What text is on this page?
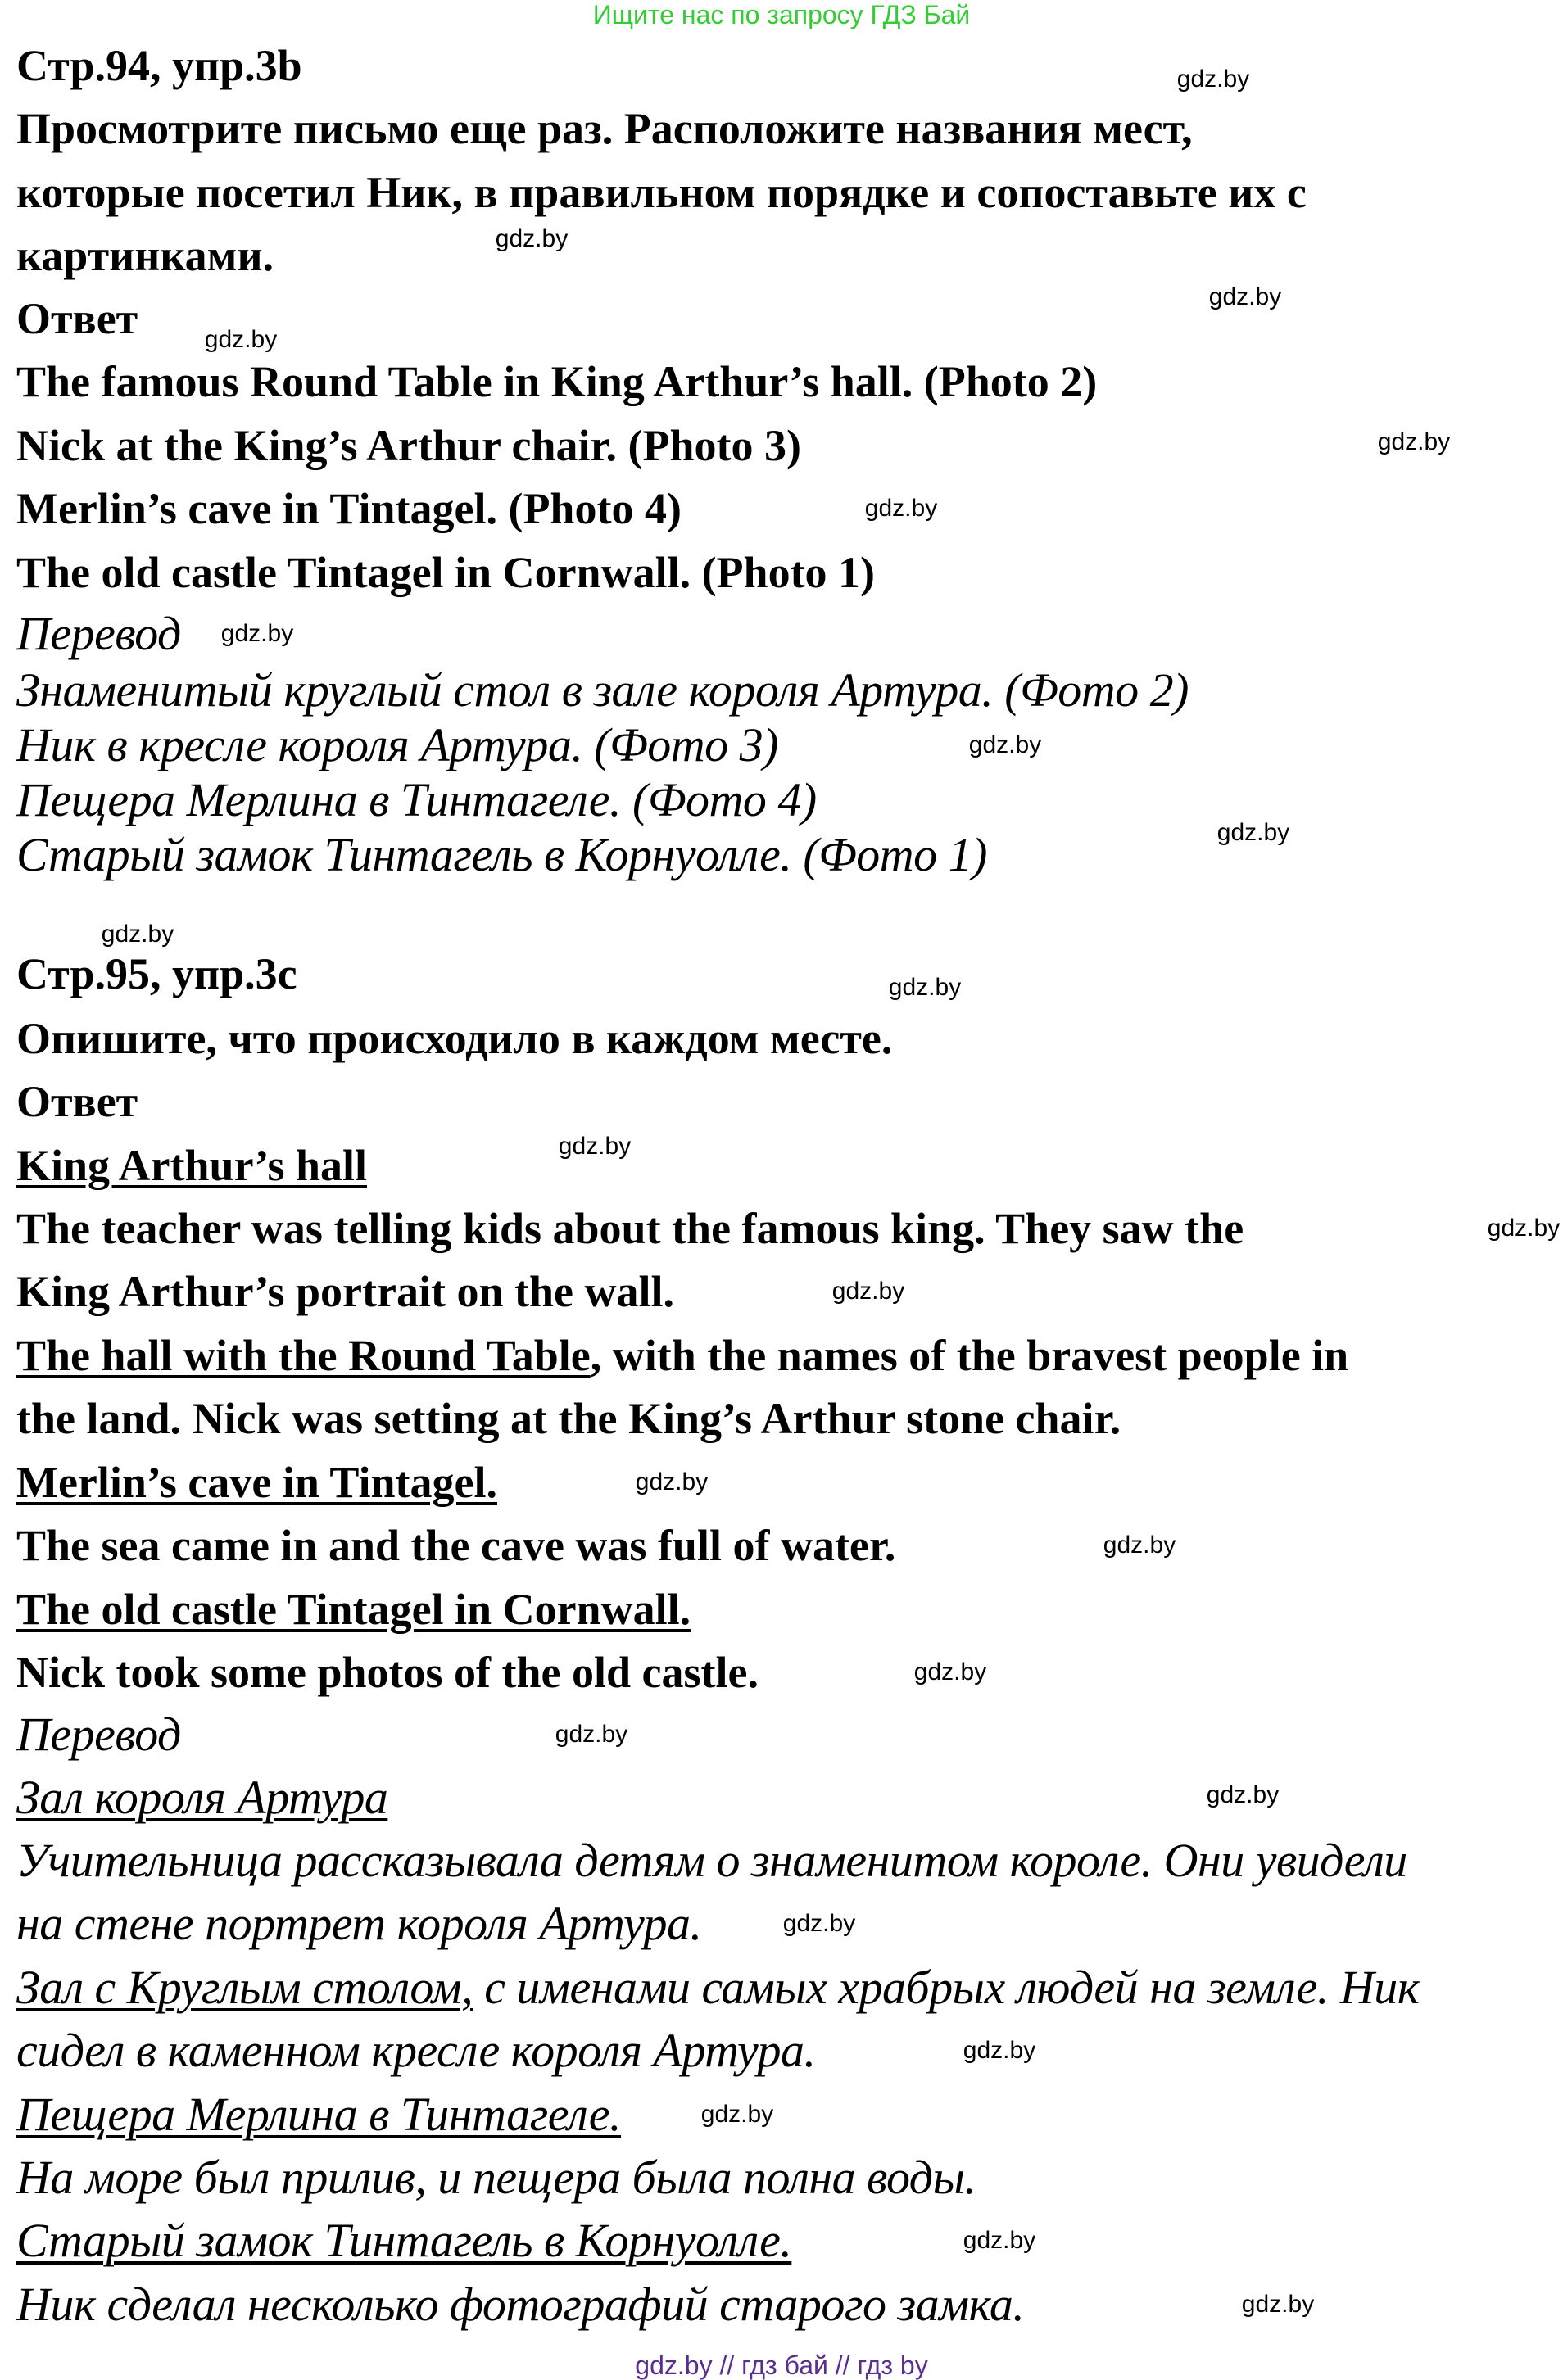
Ищите нас по запросу ГДЗ Бай
Стр.94, упр.3b
Просмотрите письмо еще раз. Расположите названия мест,
которые посетил Ник, в правильном порядке и сопоставьте их с
картинками.
Ответ
The famous Round Table in King Arthur’s hall. (Photo 2)
Nick at the King’s Arthur chair. (Photo 3)
Merlin’s cave in Tintagel. (Photo 4)
The old castle Tintagel in Cornwall. (Photo 1)
Перевод
Знаменитый круглый стол в зале короля Артура. (Фото 2)
Ник в кресле короля Артура. (Фото 3)
Пещера Мерлина в Тинтагеле. (Фото 4)
Старый замок Тинтагель в Корнуолле. (Фото 1)
Стр.95, упр.3с
Опишите, что происходило в каждом месте.
Ответ
King Arthur’s hall
The teacher was telling kids about the famous king. They saw the
King Arthur’s portrait on the wall.
The hall with the Round Table, with the names of the bravest people in
the land. Nick was setting at the King’s Arthur stone chair.
Merlin’s cave in Tintagel.
The sea came in and the cave was full of water.
The old castle Tintagel in Cornwall.
Nick took some photos of the old castle.
Перевод
Зал короля Артура
Учительница рассказывала детям о знаменитом короле. Они увидели
на стене портрет короля Артура.
Зал с Круглым столом, с именами самых храбрых людей на земле. Ник
сидел в каменном кресле короля Артура.
Пещера Мерлина в Тинтагеле.
На море был прилив, и пещера была полна воды.
Старый замок Тинтагель в Корнуолле.
Ник сделал несколько фотографий старого замка.
gdz.by
gdz.by
gdz.by
gdz.by
gdz.by
gdz.by
gdz.by
gdz.by
gdz.by
gdz.by
gdz.by
gdz.by
gdz.by
gdz.by
gdz.by
gdz.by
gdz.by
gdz.by
gdz.by
gdz.by
gdz.by
gdz.by
gdz.by
gdz.by
gdz.by // гдз бай // гдз by
